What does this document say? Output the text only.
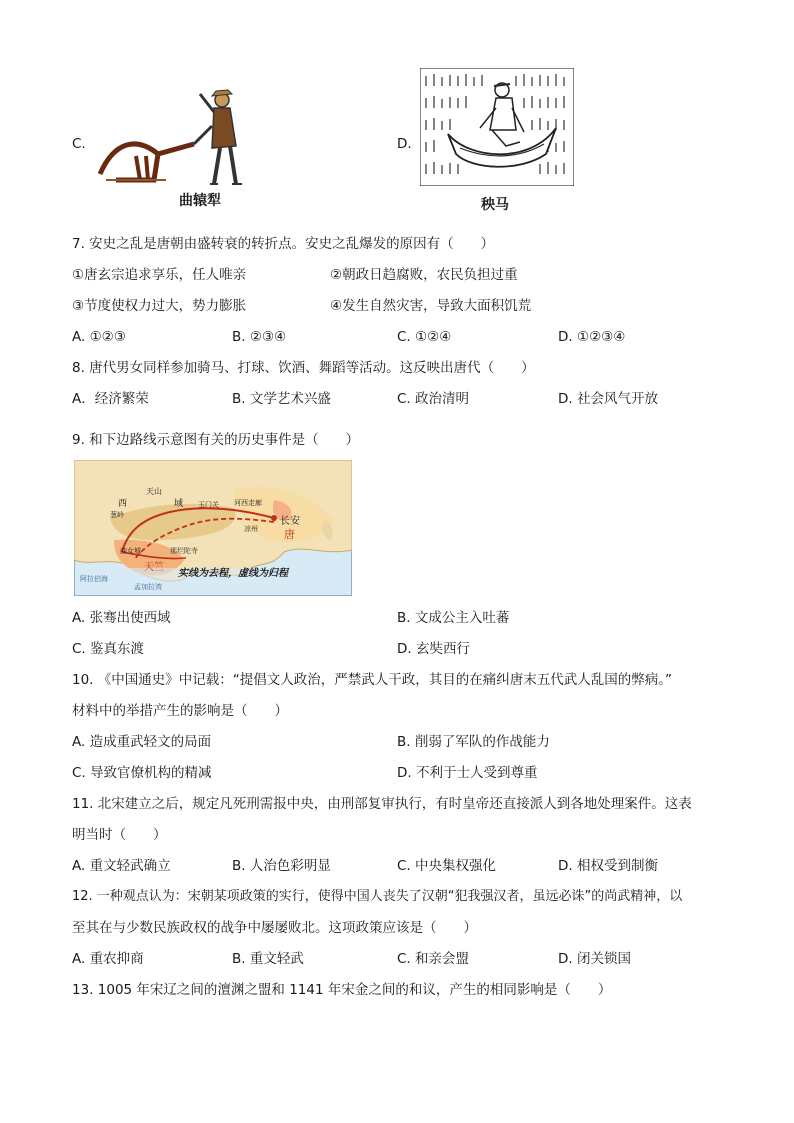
C.
曲辕犁
D.
秧马
7. 安史之乱是唐朝由盛转衰的转折点。安史之乱爆发的原因有（　　）
①唐玄宗追求享乐，任人唯亲	②朝政日趋腐败，农民负担过重
③节度使权力过大，势力膨胀	④发生自然灾害，导致大面积饥荒
A. ①②③	B. ②③④	C. ①②④	D. ①②③④
8. 唐代男女同样参加骑马、打球、饮酒、舞蹈等活动。这反映出唐代（　　）
A．经济繁荣	B. 文学艺术兴盛	C. 政治清明	D. 社会风气开放
9. 和下边路线示意图有关的历史事件是（　　）
天山
西	域
葱岭
玉门关 河西走廊
长安
唐
凉州
曲女城	那烂陀寺
天竺
阿拉伯海
孟加拉湾
实线为去程，虚线为归程
A. 张骞出使西域	B. 文成公主入吐蕃
C. 鉴真东渡	D. 玄奘西行
10. 《中国通史》中记载：“提倡文人政治，严禁武人干政，其目的在痛纠唐末五代武人乱国的弊病。”
材料中的举措产生的影响是（　　）
A. 造成重武轻文的局面	B. 削弱了军队的作战能力
C. 导致官僚机构的精减	D. 不利于士人受到尊重
11. 北宋建立之后，规定凡死刑需报中央，由刑部复审执行，有时皇帝还直接派人到各地处理案件。这表
明当时（　　）
A. 重文轻武确立	B. 人治色彩明显	C. 中央集权强化	D. 相权受到制衡
12. 一种观点认为：宋朝某项政策的实行，使得中国人丧失了汉朝“犯我强汉者，虽远必诛”的尚武精神，以
至其在与少数民族政权的战争中屡屡败北。这项政策应该是（　　）
A. 重农抑商	B. 重文轻武	C. 和亲会盟	D. 闭关锁国
13. 1005 年宋辽之间的澶渊之盟和 1141 年宋金之间的和议，产生的相同影响是（　　）
